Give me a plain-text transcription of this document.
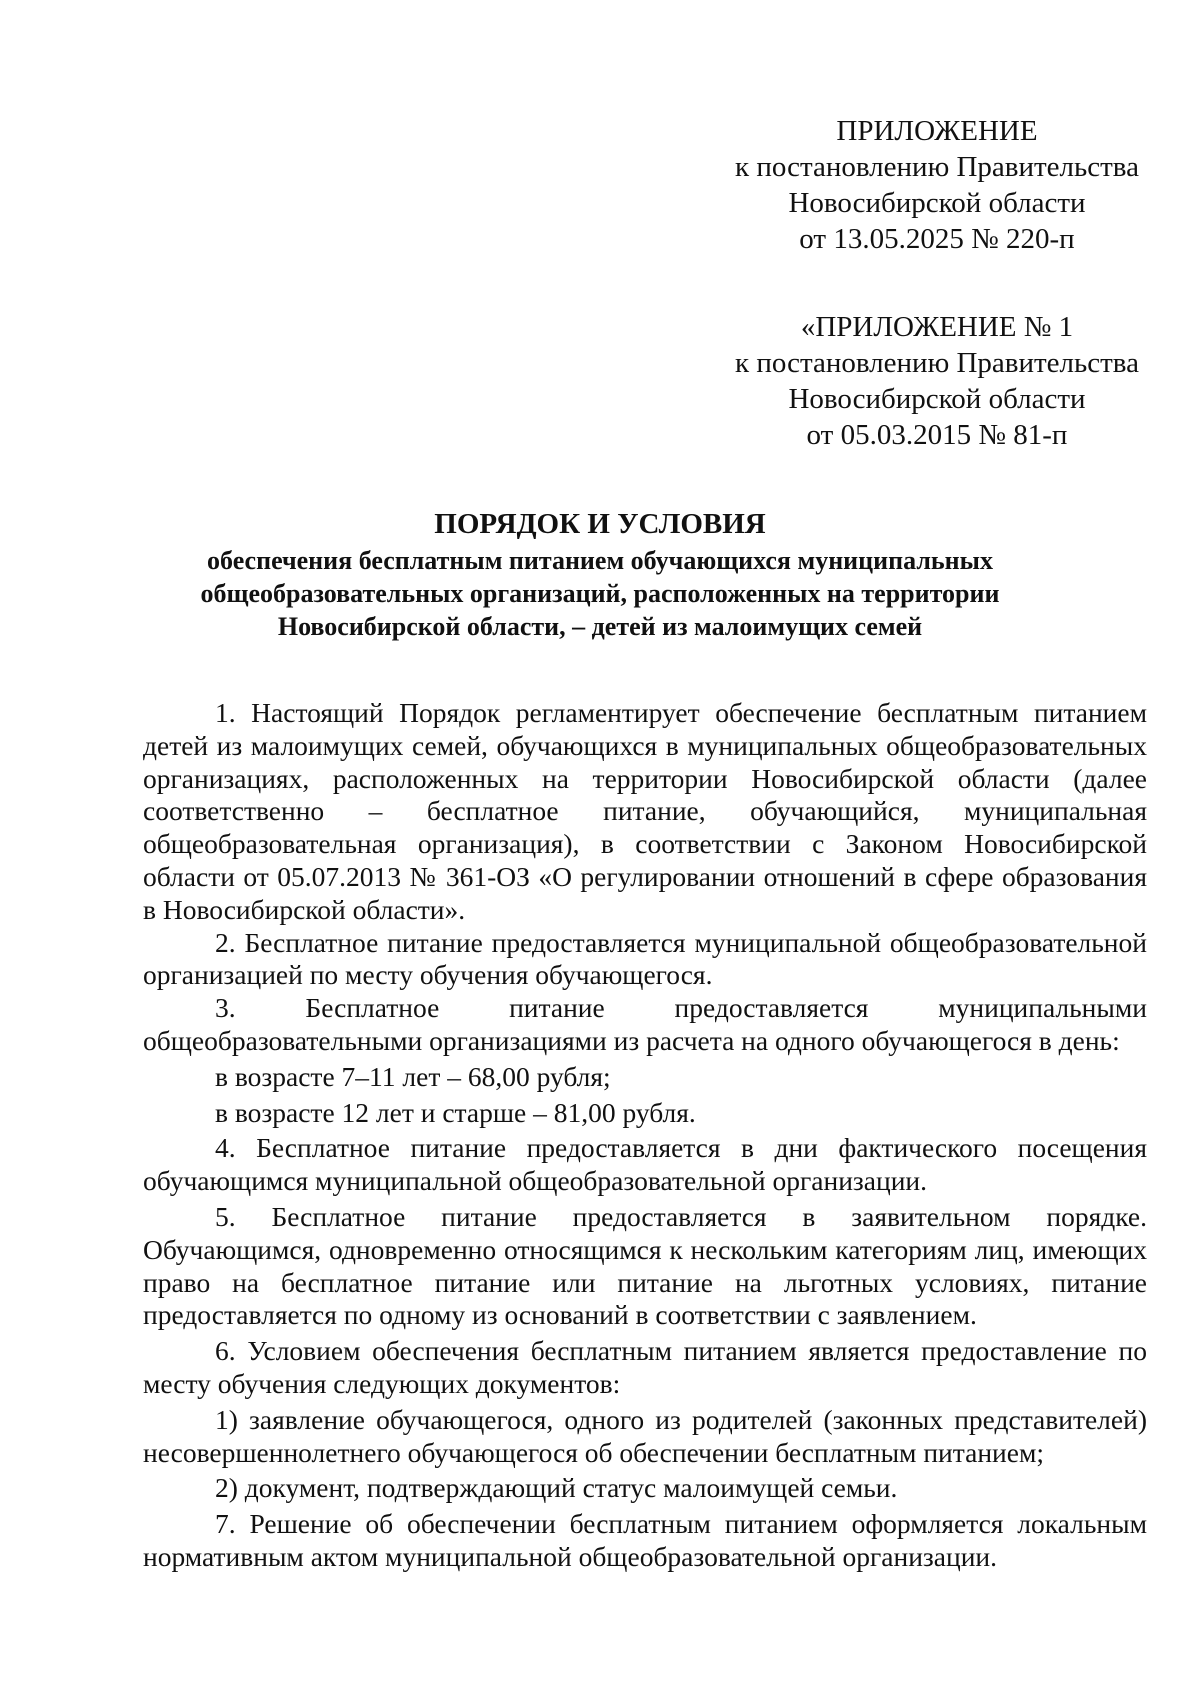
ПРИЛОЖЕНИЕ
к постановлению Правительства
Новосибирской области
от 13.05.2025 № 220-п
«ПРИЛОЖЕНИЕ № 1
к постановлению Правительства
Новосибирской области
от 05.03.2015 № 81-п
ПОРЯДОК И УСЛОВИЯ
обеспечения бесплатным питанием обучающихся муниципальных
общеобразовательных организаций, расположенных на территории
Новосибирской области, – детей из малоимущих семей

1. Настоящий Порядок регламентирует обеспечение бесплатным питанием детей из малоимущих семей, обучающихся в муниципальных общеобразовательных организациях, расположенных на территории Новосибирской области (далее соответственно – бесплатное питание, обучающийся, муниципальная общеобразовательная организация), в соответствии с Законом Новосибирской области от 05.07.2013 № 361-ОЗ «О регулировании отношений в сфере образования в Новосибирской области».

2. Бесплатное питание предоставляется муниципальной общеобразовательной организацией по месту обучения обучающегося.

3. Бесплатное питание предоставляется муниципальными общеобразовательными организациями из расчета на одного обучающегося в день:

в возрасте 7–11 лет – 68,00 рубля;

в возрасте 12 лет и старше – 81,00 рубля.

4. Бесплатное питание предоставляется в дни фактического посещения обучающимся муниципальной общеобразовательной организации.

5. Бесплатное питание предоставляется в заявительном порядке. Обучающимся, одновременно относящимся к нескольким категориям лиц, имеющих право на бесплатное питание или питание на льготных условиях, питание предоставляется по одному из оснований в соответствии с заявлением.

6. Условием обеспечения бесплатным питанием является предоставление по месту обучения следующих документов:

1) заявление обучающегося, одного из родителей (законных представителей) несовершеннолетнего обучающегося об обеспечении бесплатным питанием;

2) документ, подтверждающий статус малоимущей семьи.

7. Решение об обеспечении бесплатным питанием оформляется локальным нормативным актом муниципальной общеобразовательной организации.
